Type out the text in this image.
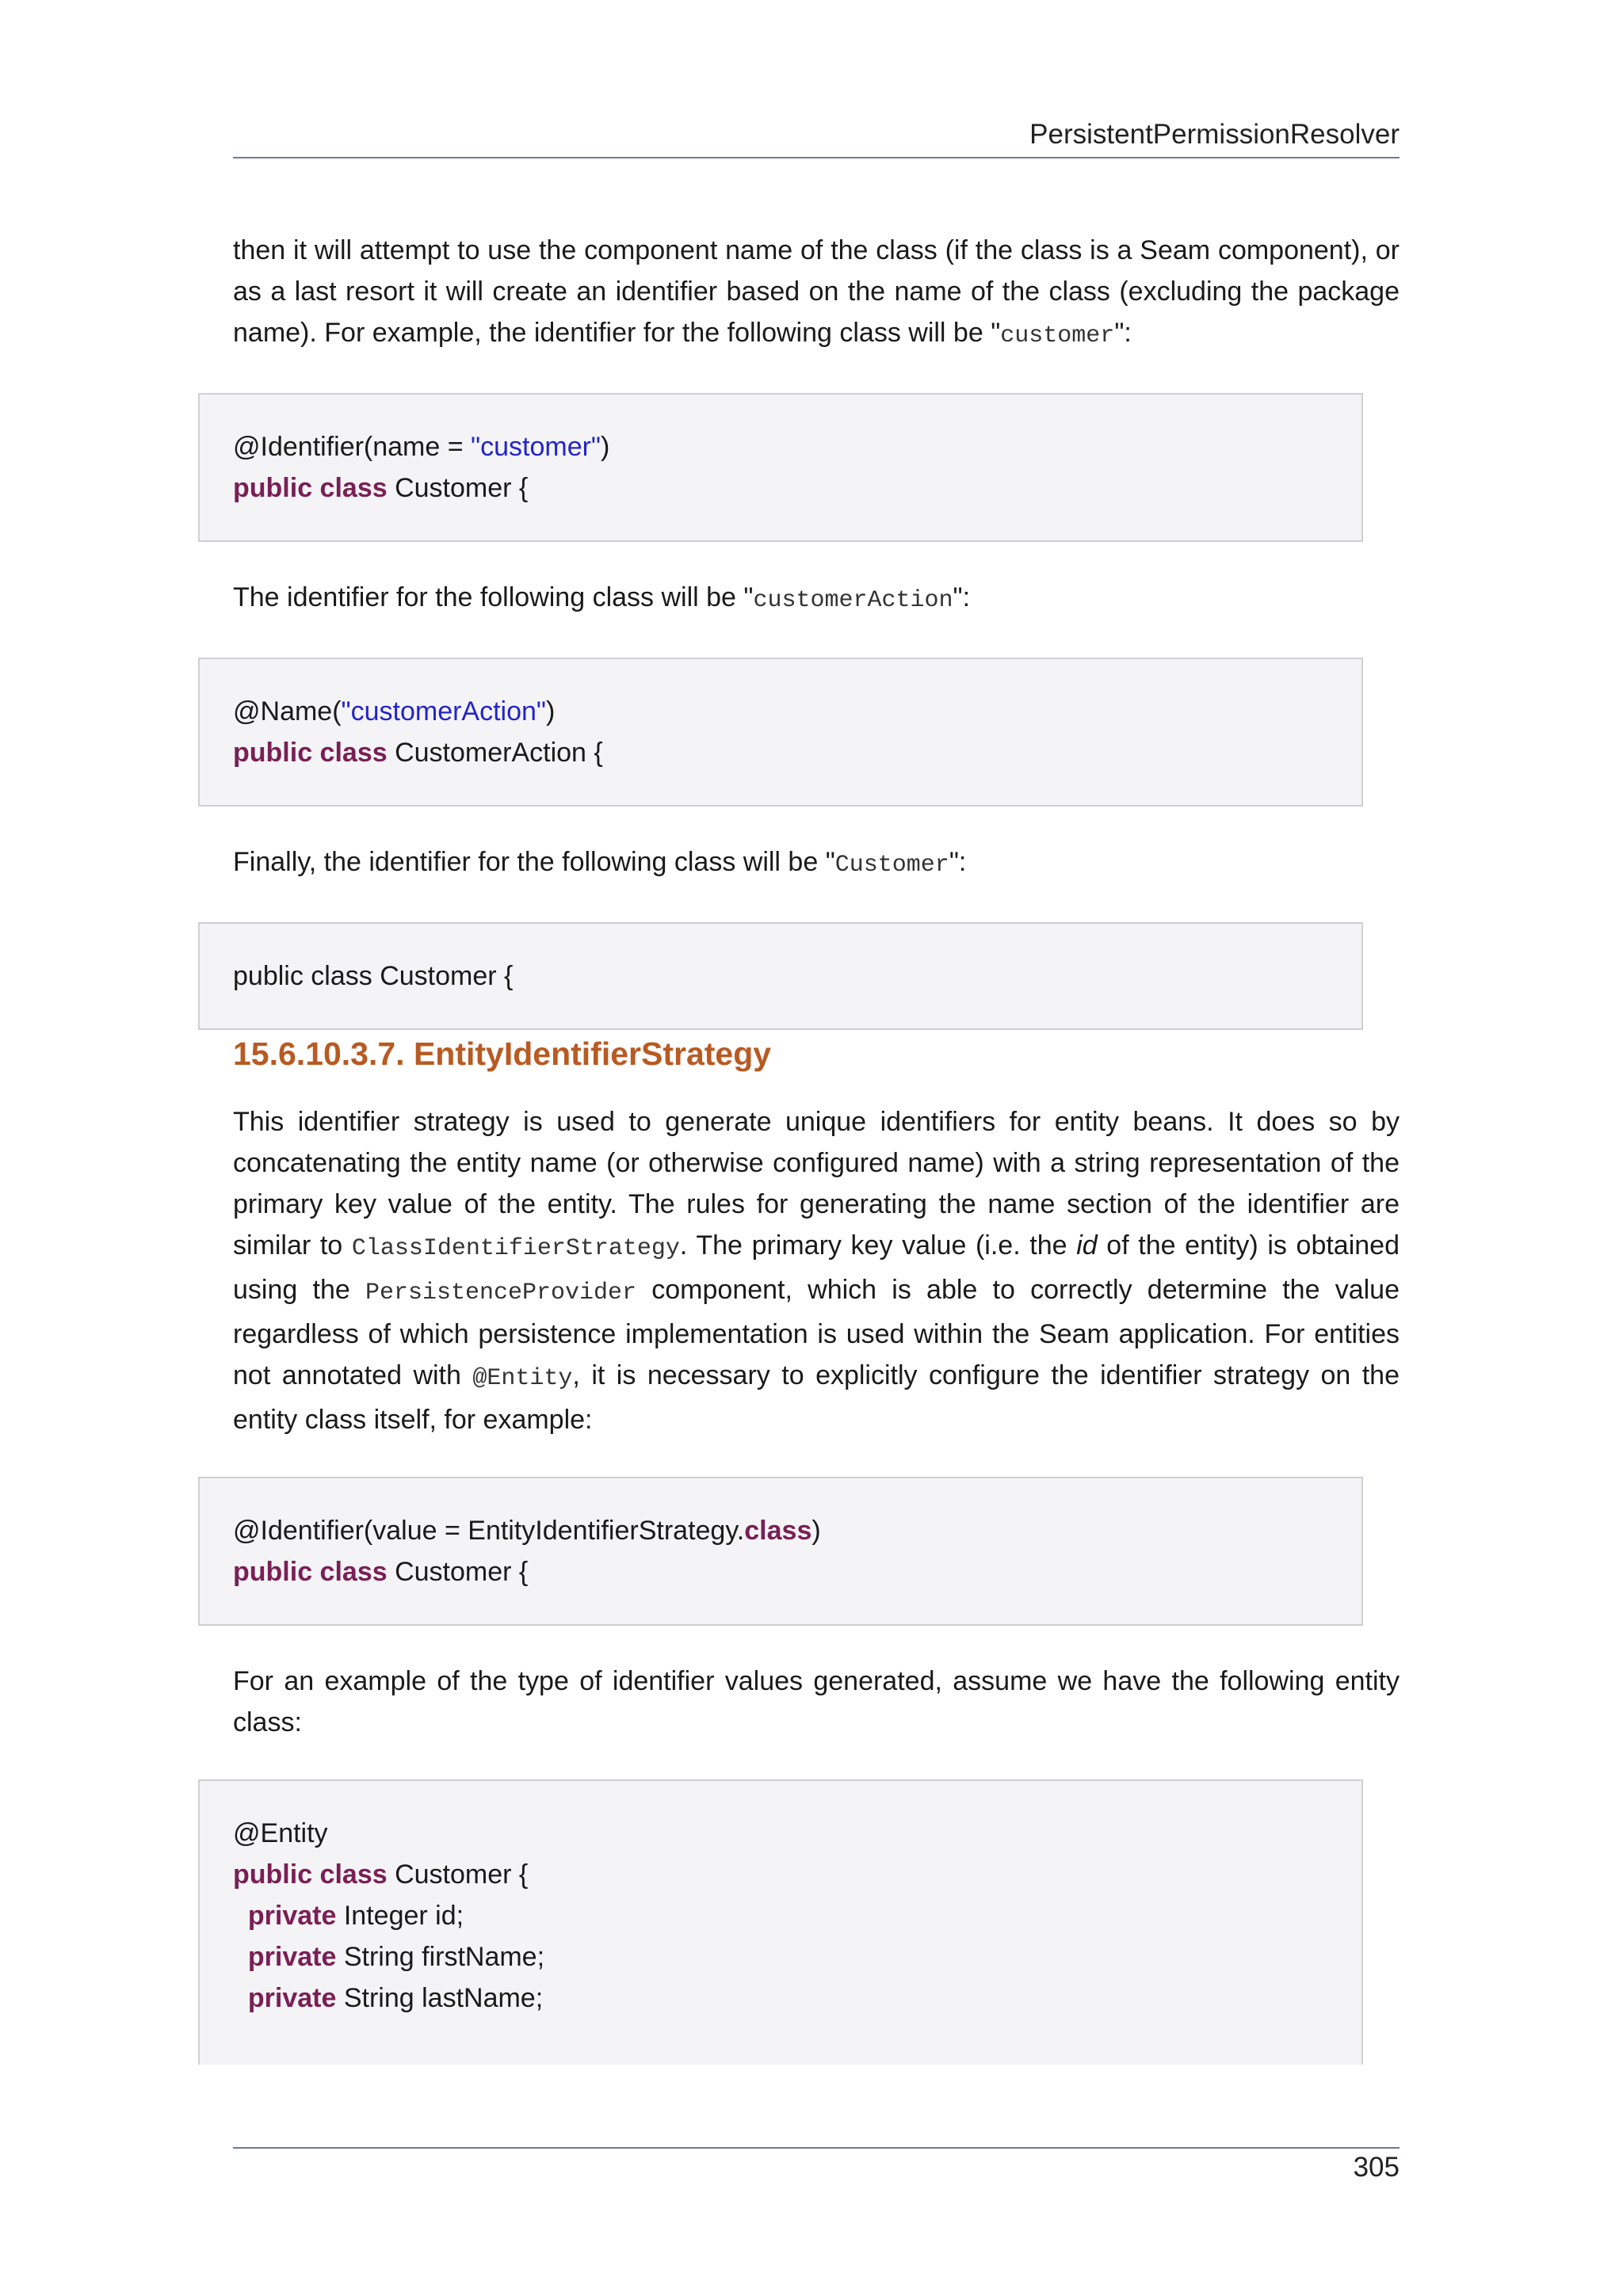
PersistentPermissionResolver

then it will attempt to use the component name of the class (if the class is a Seam component), or as a last resort it will create an identifier based on the name of the class (excluding the package name). For example, the identifier for the following class will be "customer":

@Identifier(name = "customer")
public class Customer {

The identifier for the following class will be "customerAction":

@Name("customerAction")
public class CustomerAction {

Finally, the identifier for the following class will be "Customer":

public class Customer {
15.6.10.3.7. EntityIdentifierStrategy

This identifier strategy is used to generate unique identifiers for entity beans. It does so by concatenating the entity name (or otherwise configured name) with a string representation of the primary key value of the entity. The rules for generating the name section of the identifier are similar to ClassIdentifierStrategy. The primary key value (i.e. the id of the entity) is obtained using the PersistenceProvider component, which is able to correctly determine the value regardless of which persistence implementation is used within the Seam application. For entities not annotated with @Entity, it is necessary to explicitly configure the identifier strategy on the entity class itself, for example:

@Identifier(value = EntityIdentifierStrategy.class)
public class Customer {

For an example of the type of identifier values generated, assume we have the following entity class:

@Entity
public class Customer {
private Integer id;
private String firstName;
private String lastName;
305
